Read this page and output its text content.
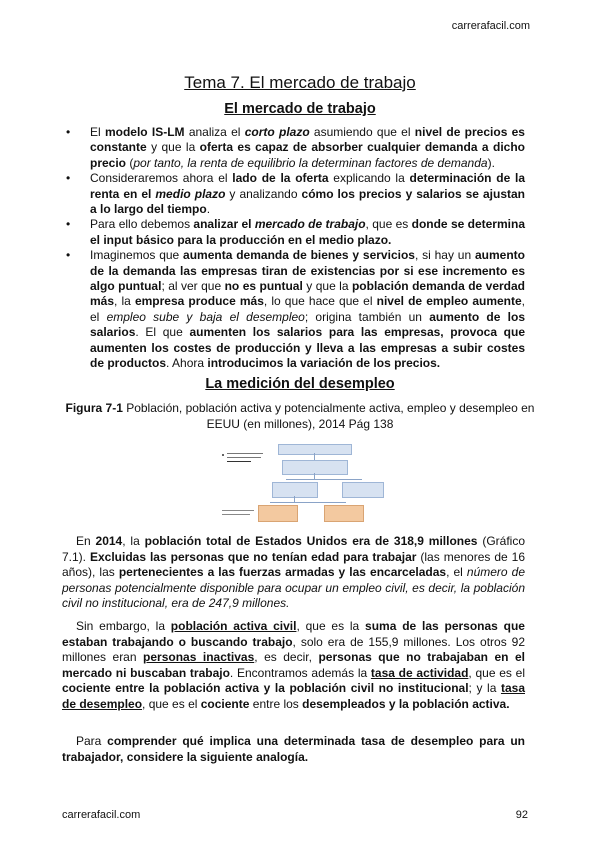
carrerafacil.com
Tema 7. El mercado de trabajo
El mercado de trabajo
• El modelo IS-LM analiza el corto plazo asumiendo que el nivel de precios es constante y que la oferta es capaz de absorber cualquier demanda a dicho precio (por tanto, la renta de equilibrio la determinan factores de demanda).
• Consideraremos ahora el lado de la oferta explicando la determinación de la renta en el medio plazo y analizando cómo los precios y salarios se ajustan a lo largo del tiempo.
• Para ello debemos analizar el mercado de trabajo, que es donde se determina el input básico para la producción en el medio plazo.
• Imaginemos que aumenta demanda de bienes y servicios, si hay un aumento de la demanda las empresas tiran de existencias por si ese incremento es algo puntual; al ver que no es puntual y que la población demanda de verdad más, la empresa produce más, lo que hace que el nivel de empleo aumente, el empleo sube y baja el desempleo; origina también un aumento de los salarios. El que aumenten los salarios para las empresas, provoca que aumenten los costes de producción y lleva a las empresas a subir costes de productos. Ahora introducimos la variación de los precios.
La medición del desempleo
Figura 7-1 Población, población activa y potencialmente activa, empleo y desempleo en EEUU (en millones), 2014 Pág 138

En 2014, la población total de Estados Unidos era de 318,9 millones (Gráfico 7.1). Excluidas las personas que no tenían edad para trabajar (las menores de 16 años), las pertenecientes a las fuerzas armadas y las encarceladas, el número de personas potencialmente disponible para ocupar un empleo civil, es decir, la población civil no institucional, era de 247,9 millones.

Sin embargo, la población activa civil, que es la suma de las personas que estaban trabajando o buscando trabajo, solo era de 155,9 millones. Los otros 92 millones eran personas inactivas, es decir, personas que no trabajaban en el mercado ni buscaban trabajo. Encontramos además la tasa de actividad, que es el cociente entre la población activa y la población civil no institucional; y la tasa de desempleo, que es el cociente entre los desempleados y la población activa.

Para comprender qué implica una determinada tasa de desempleo para un trabajador, considere la siguiente analogía.

carrerafacil.com	92
